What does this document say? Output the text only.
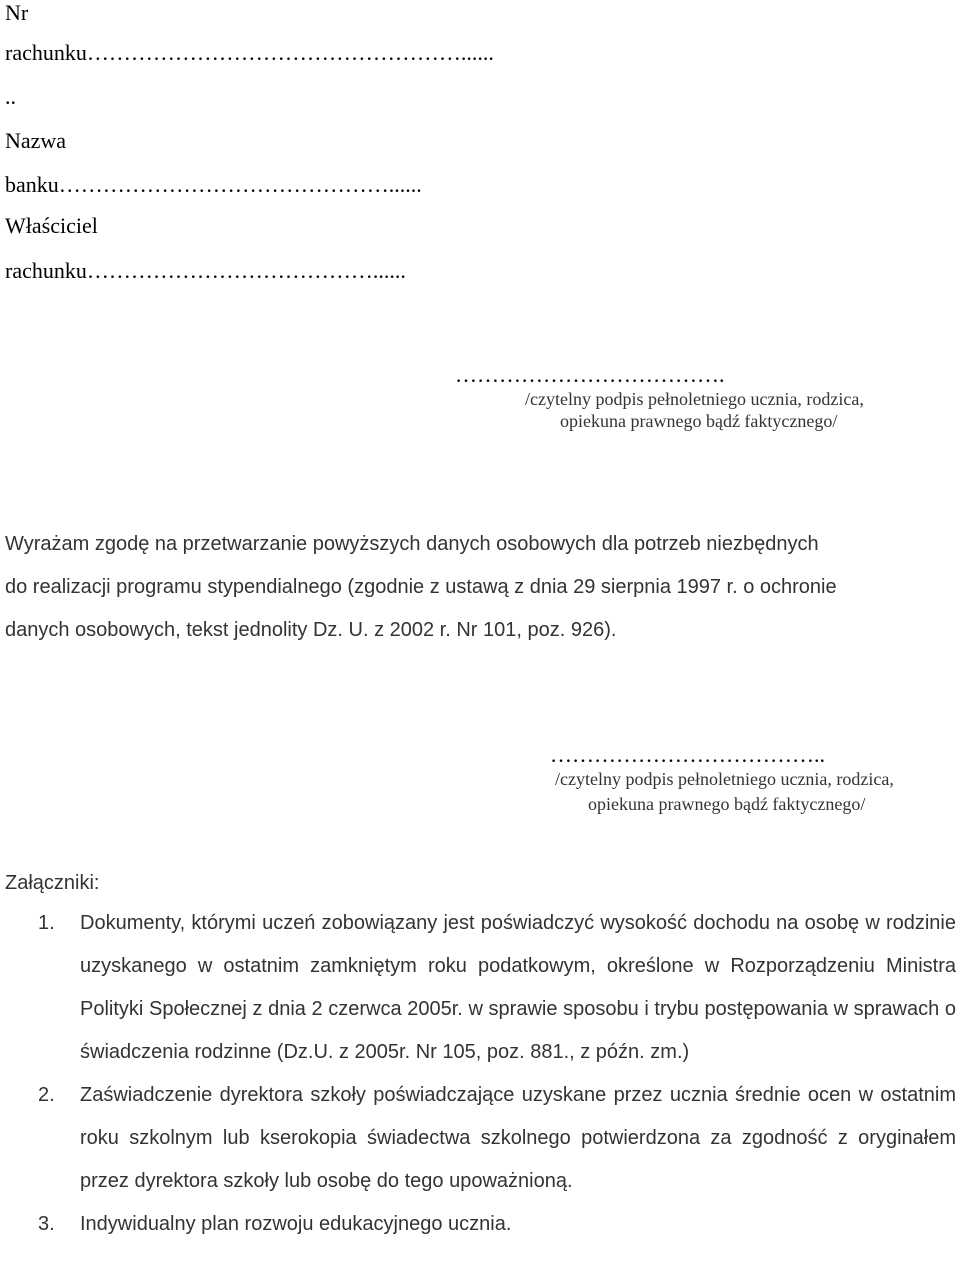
Nr
rachunku……………………………………………......
..
Nazwa
banku………………………………………......
Właściciel
rachunku…………………………………......
……………………………….
/czytelny podpis pełnoletniego ucznia, rodzica,
opiekuna prawnego bądź faktycznego/
Wyrażam zgodę na przetwarzanie powyższych danych osobowych dla potrzeb niezbędnych
do realizacji programu stypendialnego (zgodnie z ustawą z dnia 29 sierpnia 1997 r. o ochronie
danych osobowych, tekst jednolity Dz. U. z 2002 r. Nr 101, poz. 926).
………………………………..
/czytelny podpis pełnoletniego ucznia, rodzica,
opiekuna prawnego bądź faktycznego/
Załączniki:
1. Dokumenty, którymi uczeń zobowiązany jest poświadczyć wysokość dochodu na osobę w rodzinie uzyskanego w ostatnim zamkniętym roku podatkowym, określone w Rozporządzeniu Ministra Polityki Społecznej z dnia 2 czerwca 2005r. w sprawie sposobu i trybu postępowania w sprawach o świadczenia rodzinne (Dz.U. z 2005r. Nr 105, poz. 881., z późn. zm.)
2. Zaświadczenie dyrektora szkoły poświadczające uzyskane przez ucznia średnie ocen w ostatnim roku szkolnym lub kserokopia świadectwa szkolnego potwierdzona za zgodność z oryginałem przez dyrektora szkoły lub osobę do tego upoważnioną.
3. Indywidualny plan rozwoju edukacyjnego ucznia.
